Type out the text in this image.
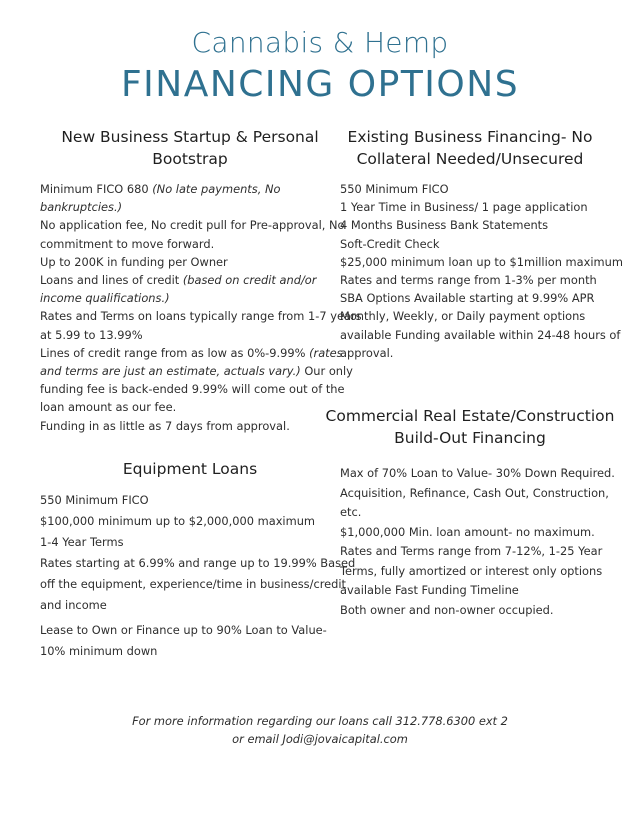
Cannabis & Hemp
FINANCING OPTIONS
New Business Startup & Personal
Bootstrap
Minimum FICO 680 (No late payments, No
bankruptcies.)
No application fee, No credit pull for Pre-approval, No
commitment to move forward.
Up to 200K in funding per Owner
Loans and lines of credit (based on credit and/or
income qualifications.)
Rates and Terms on loans typically range from 1-7 years
at 5.99 to 13.99%
Lines of credit range from as low as 0%-9.99% (rates
and terms are just an estimate, actuals vary.) Our only
funding fee is back-ended 9.99% will come out of the
loan amount as our fee.
Funding in as little as 7 days from approval.
Equipment Loans
550 Minimum FICO
$100,000 minimum up to $2,000,000 maximum
1-4 Year Terms
Rates starting at 6.99% and range up to 19.99% Based
off the equipment, experience/time in business/credit
and income
Lease to Own or Finance up to 90% Loan to Value-
10% minimum down
Existing Business Financing- No
Collateral Needed/Unsecured
550 Minimum FICO
1 Year Time in Business/ 1 page application
4 Months Business Bank Statements
Soft-Credit Check
$25,000 minimum loan up to $1million maximum
Rates and terms range from 1-3% per month
SBA Options Available starting at 9.99% APR
Monthly, Weekly, or Daily payment options
available Funding available within 24-48 hours of
approval.
Commercial Real Estate/Construction
Build-Out Financing
Max of 70% Loan to Value- 30% Down Required.
Acquisition, Refinance, Cash Out, Construction,
etc.
$1,000,000 Min. loan amount- no maximum.
Rates and Terms range from 7-12%, 1-25 Year
Terms, fully amortized or interest only options
available Fast Funding Timeline
Both owner and non-owner occupied.
For more information regarding our loans call 312.778.6300 ext 2
or email Jodi@jovaicapital.com
